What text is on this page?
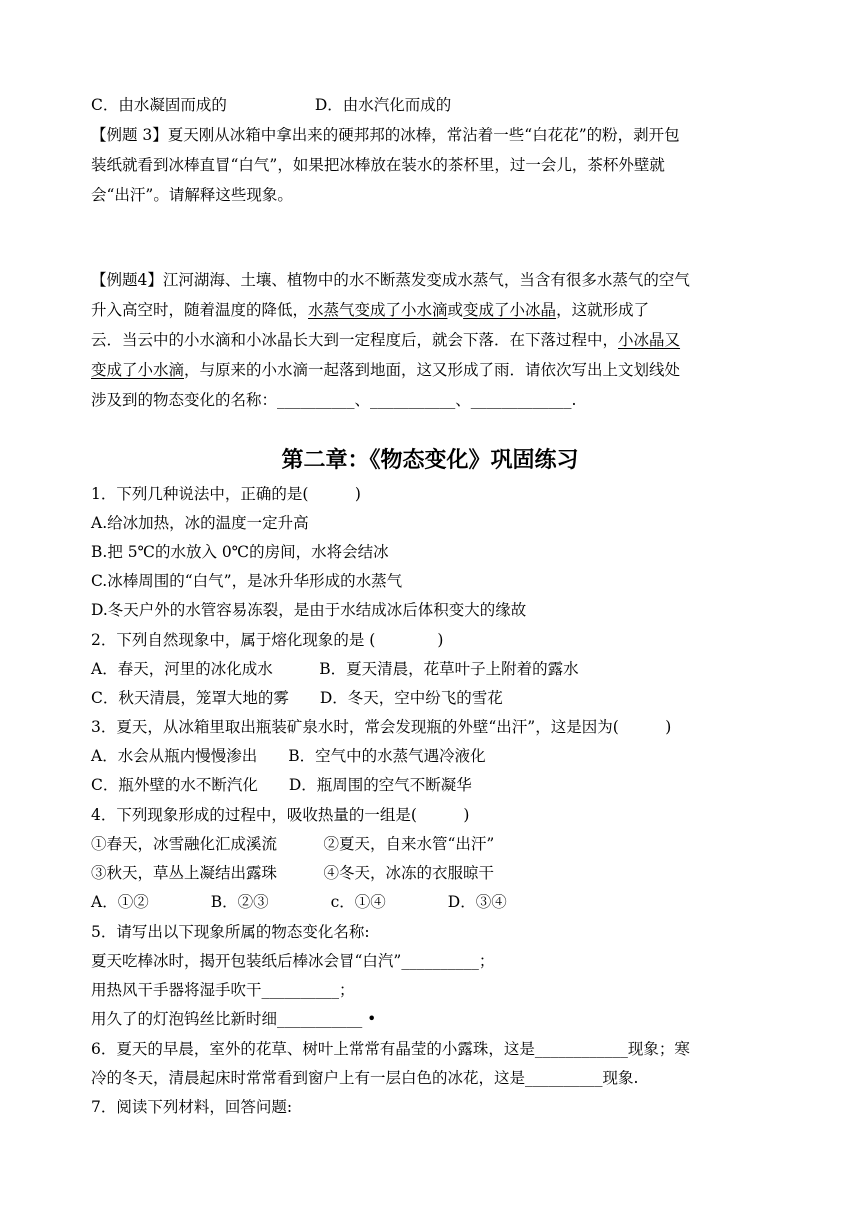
C．由水凝固而成的	D．由水汽化而成的
【例题 3】夏天刚从冰箱中拿出来的硬邦邦的冰棒，常沾着一些“白花花”的粉，剥开包
装纸就看到冰棒直冒“白气”，如果把冰棒放在装水的茶杯里，过一会儿，茶杯外壁就
会“出汗”。请解释这些现象。
【例题4】江河湖海、土壤、植物中的水不断蒸发变成水蒸气，当含有很多水蒸气的空气
升入高空时，随着温度的降低，水蒸气变成了小水滴或变成了小冰晶，这就形成了
云．当云中的小水滴和小冰晶长大到一定程度后，就会下落．在下落过程中，小冰晶又
变成了小水滴，与原来的小水滴一起落到地面，这又形成了雨．请依次写出上文划线处
涉及到的物态变化的名称：__________、___________、_____________.
第二章：《物态变化》巩固练习
1．下列几种说法中，正确的是(　　　)
A.给冰加热，冰的温度一定升高
B.把 5℃的水放入 0℃的房间，水将会结冰
C.冰棒周围的“白气”，是冰升华形成的水蒸气
D.冬天户外的水管容易冻裂，是由于水结成冰后体积变大的缘故
2．下列自然现象中，属于熔化现象的是 (　　　　)
A．春天，河里的冰化成水　　　B．夏天清晨，花草叶子上附着的露水
C．秋天清晨，笼罩大地的雾　　D．冬天，空中纷飞的雪花
3．夏天，从冰箱里取出瓶装矿泉水时，常会发现瓶的外壁“出汗”，这是因为(　　　)
A．水会从瓶内慢慢渗出　　B．空气中的水蒸气遇冷液化
C．瓶外壁的水不断汽化　　D．瓶周围的空气不断凝华
4．下列现象形成的过程中，吸收热量的一组是(　　　)
①春天，冰雪融化汇成溪流　　　②夏天，自来水管“出汗”
③秋天，草丛上凝结出露珠　　　④冬天，冰冻的衣服晾干
A．①②　　　　B．②③　　　　c．①④　　　　D．③④
5．请写出以下现象所属的物态变化名称:
夏天吃棒冰时，揭开包装纸后棒冰会冒“白汽”__________；
用热风干手器将湿手吹干__________；
用久了的灯泡钨丝比新时细___________ •
6．夏天的早晨，室外的花草、树叶上常常有晶莹的小露珠，这是____________现象；寒
冷的冬天，清晨起床时常常看到窗户上有一层白色的冰花，这是__________现象.
7．阅读下列材料，回答问题:
